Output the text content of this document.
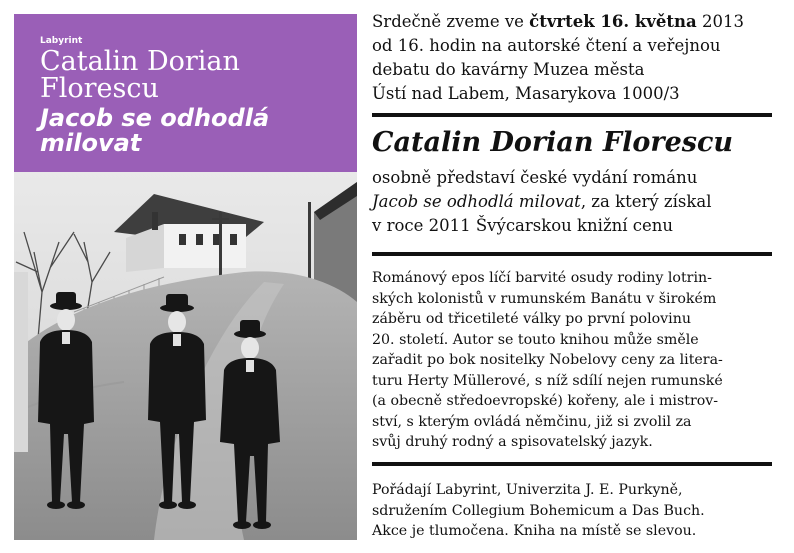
Labyrint
Catalin Dorian
Florescu
Jacob se odhodlá
milovat
Srdečně zveme ve čtvrtek 16. května 2013
od 16. hodin na autorské čtení a veřejnou
debatu do kavárny Muzea města
Ústí nad Labem, Masarykova 1000/3
Catalin Dorian Florescu
osobně představí české vydání románu
Jacob se odhodlá milovat, za který získal
v roce 2011 Švýcarskou knižní cenu
Románový epos líčí barvité osudy rodiny lotrin-
ských kolonistů v rumunském Banátu v širokém
záběru od třicetileté války po první polovinu
20. století. Autor se touto knihou může směle
zařadit po bok nositelky Nobelovy ceny za litera-
turu Herty Müllerové, s níž sdílí nejen rumunské
(a obecně středoevropské) kořeny, ale i mistrov-
ství, s kterým ovládá němčinu, již si zvolil za
svůj druhý rodný a spisovatelský jazyk.
Pořádají Labyrint, Univerzita J. E. Purkyně,
sdružením Collegium Bohemicum a Das Buch.
Akce je tlumočena. Kniha na místě se slevou.
